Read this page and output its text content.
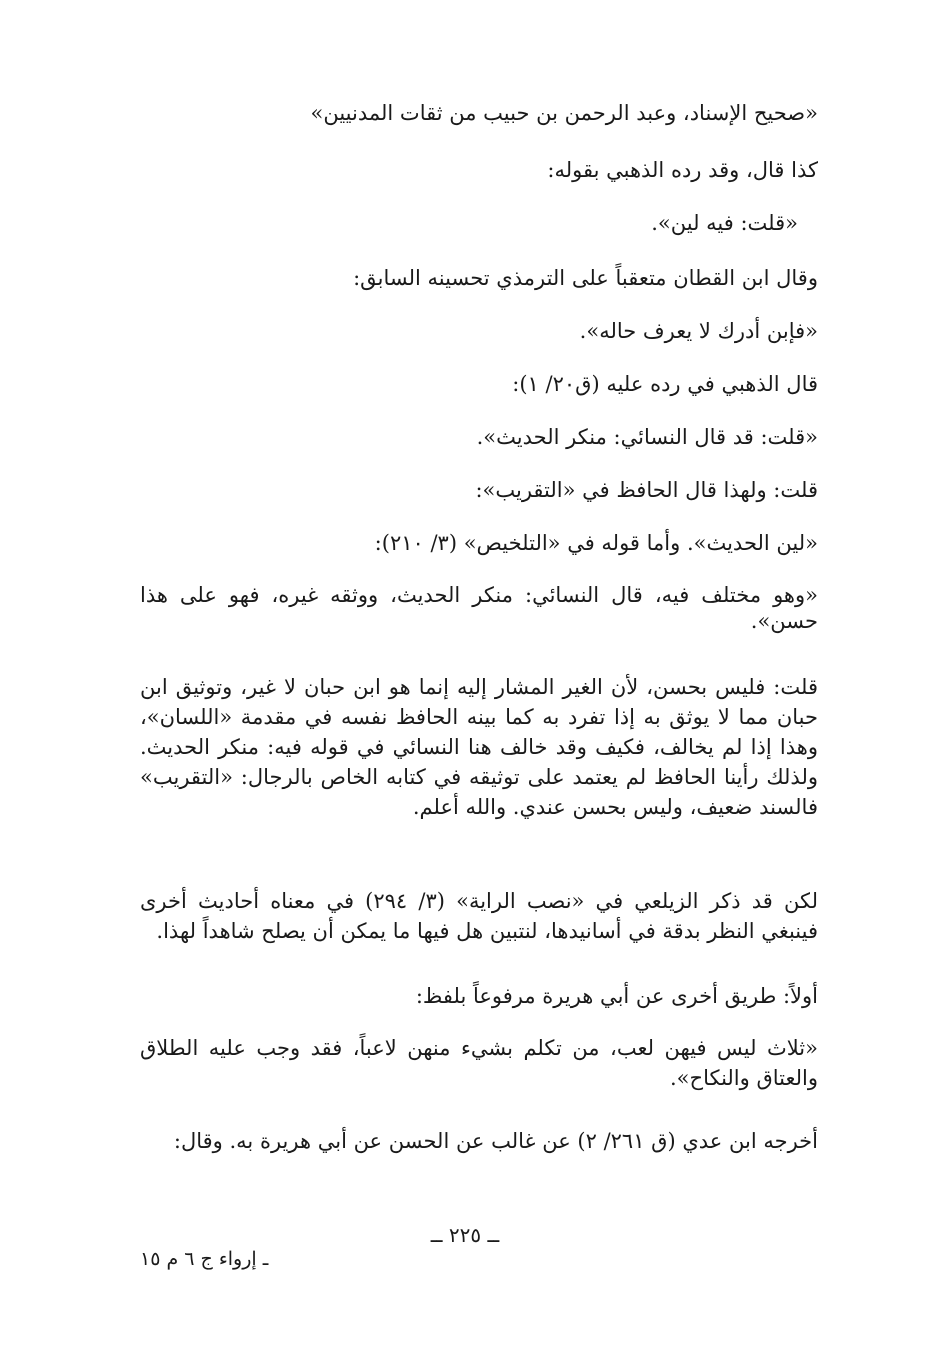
«صحيح الإسناد، وعبد الرحمن بن حبيب من ثقات المدنيين»
كذا قال، وقد رده الذهبي بقوله:
«قلت: فيه لين».
وقال ابن القطان متعقباً على الترمذي تحسينه السابق:
«فإبن أدرك لا يعرف حاله».
قال الذهبي في رده عليه (ق٢٠/ ١):
«قلت: قد قال النسائي: منكر الحديث».
قلت: ولهذا قال الحافظ في «التقريب»:
«لين الحديث». وأما قوله في «التلخيص» (٣/ ٢١٠):
«وهو مختلف فيه، قال النسائي: منكر الحديث، ووثقه غيره، فهو على هذا حسن».
قلت: فليس بحسن، لأن الغير المشار إليه إنما هو ابن حبان لا غير، وتوثيق ابن حبان مما لا يوثق به إذا تفرد به كما بينه الحافظ نفسه في مقدمة «اللسان»، وهذا إذا لم يخالف، فكيف وقد خالف هنا النسائي في قوله فيه: منكر الحديث. ولذلك رأينا الحافظ لم يعتمد على توثيقه في كتابه الخاص بالرجال: «التقريب» فالسند ضعيف، وليس بحسن عندي. والله أعلم.
لكن قد ذكر الزيلعي في «نصب الراية» (٣/ ٢٩٤) في معناه أحاديث أخرى فينبغي النظر بدقة في أسانيدها، لنتبين هل فيها ما يمكن أن يصلح شاهداً لهذا.
أولاً: طريق أخرى عن أبي هريرة مرفوعاً بلفظ:
«ثلاث ليس فيهن لعب، من تكلم بشيء منهن لاعباً، فقد وجب عليه الطلاق والعتاق والنكاح».
أخرجه ابن عدي (ق ٢٦١/ ٢) عن غالب عن الحسن عن أبي هريرة به. وقال:
ــ ٢٢٥ ــ
ـ إرواء ج ٦ م ١٥
